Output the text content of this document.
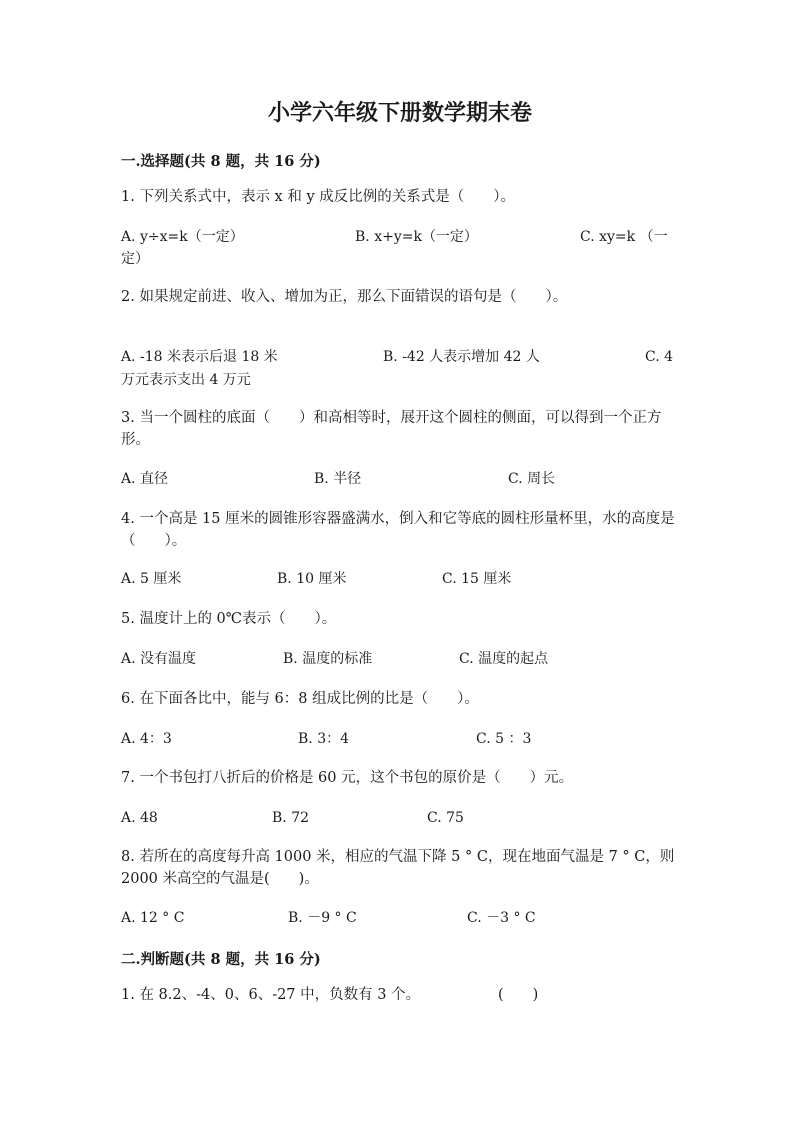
小学六年级下册数学期末卷
一.选择题(共 8 题，共 16 分)
1. 下列关系式中，表示 x 和 y 成反比例的关系式是（　　）。
A. y÷x=k（一定）	B. x+y=k（一定）	C. xy=k （一
定）
2. 如果规定前进、收入、增加为正，那么下面错误的语句是（　　）。
A. -18 米表示后退 18 米	B. -42 人表示增加 42 人	C. 4
万元表示支出 4 万元
3. 当一个圆柱的底面（　　）和高相等时，展开这个圆柱的侧面，可以得到一个正方形。
A. 直径	B. 半径	C. 周长
4. 一个高是 15 厘米的圆锥形容器盛满水，倒入和它等底的圆柱形量杯里，水的高度是（　　）。
A. 5 厘米	B. 10 厘米	C. 15 厘米
5. 温度计上的 0℃表示（　　）。
A. 没有温度	B. 温度的标准	C. 温度的起点
6. 在下面各比中，能与 6：8 组成比例的比是（　　）。
A. 4：3	B. 3：4	C. 5 ：3
7. 一个书包打八折后的价格是 60 元，这个书包的原价是（　　）元。
A. 48	B. 72	C. 75
8. 若所在的高度每升高 1000 米，相应的气温下降 5 ° C，现在地面气温是 7 ° C，则 2000 米高空的气温是(　　)。
A. 12 ° C	B. －9 ° C	C. －3 ° C
二.判断题(共 8 题，共 16 分)
1. 在 8.2、-4、0、6、-27 中，负数有 3 个。	(　　)
